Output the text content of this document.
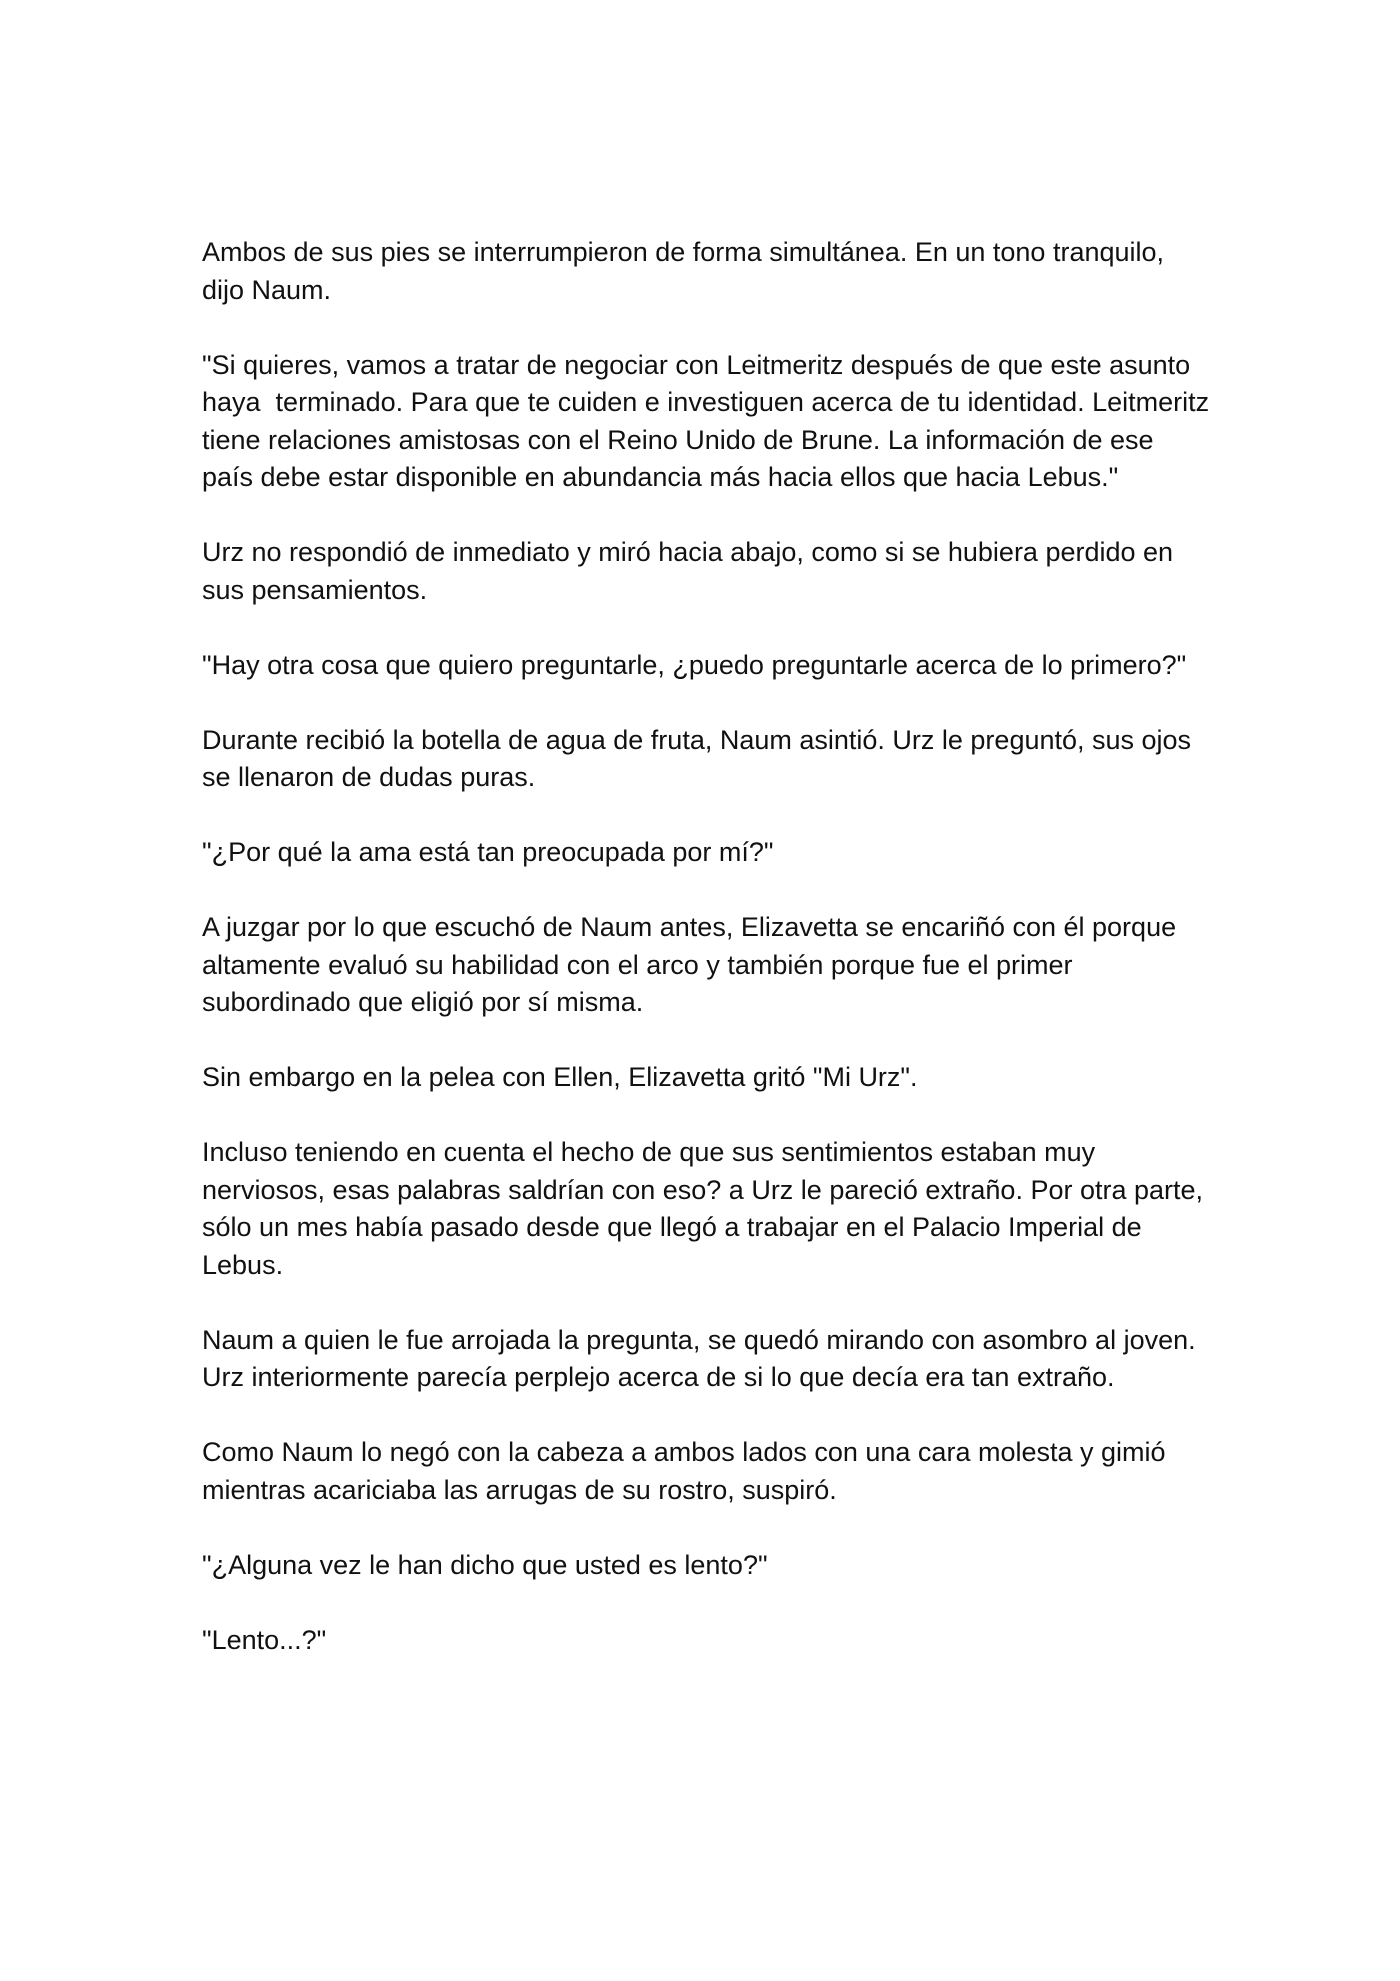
Ambos de sus pies se interrumpieron de forma simultánea. En un tono tranquilo, dijo Naum.

"Si quieres, vamos a tratar de negociar con Leitmeritz después de que este asunto haya  terminado. Para que te cuiden e investiguen acerca de tu identidad. Leitmeritz tiene relaciones amistosas con el Reino Unido de Brune. La información de ese país debe estar disponible en abundancia más hacia ellos que hacia Lebus."

Urz no respondió de inmediato y miró hacia abajo, como si se hubiera perdido en sus pensamientos.

"Hay otra cosa que quiero preguntarle, ¿puedo preguntarle acerca de lo primero?"

Durante recibió la botella de agua de fruta, Naum asintió. Urz le preguntó, sus ojos se llenaron de dudas puras.

"¿Por qué la ama está tan preocupada por mí?"

A juzgar por lo que escuchó de Naum antes, Elizavetta se encariñó con él porque altamente evaluó su habilidad con el arco y también porque fue el primer subordinado que eligió por sí misma.

Sin embargo en la pelea con Ellen, Elizavetta gritó "Mi Urz".

Incluso teniendo en cuenta el hecho de que sus sentimientos estaban muy nerviosos, esas palabras saldrían con eso? a Urz le pareció extraño. Por otra parte, sólo un mes había pasado desde que llegó a trabajar en el Palacio Imperial de Lebus.

Naum a quien le fue arrojada la pregunta, se quedó mirando con asombro al joven. Urz interiormente parecía perplejo acerca de si lo que decía era tan extraño.

Como Naum lo negó con la cabeza a ambos lados con una cara molesta y gimió mientras acariciaba las arrugas de su rostro, suspiró.

"¿Alguna vez le han dicho que usted es lento?"

"Lento...?"
